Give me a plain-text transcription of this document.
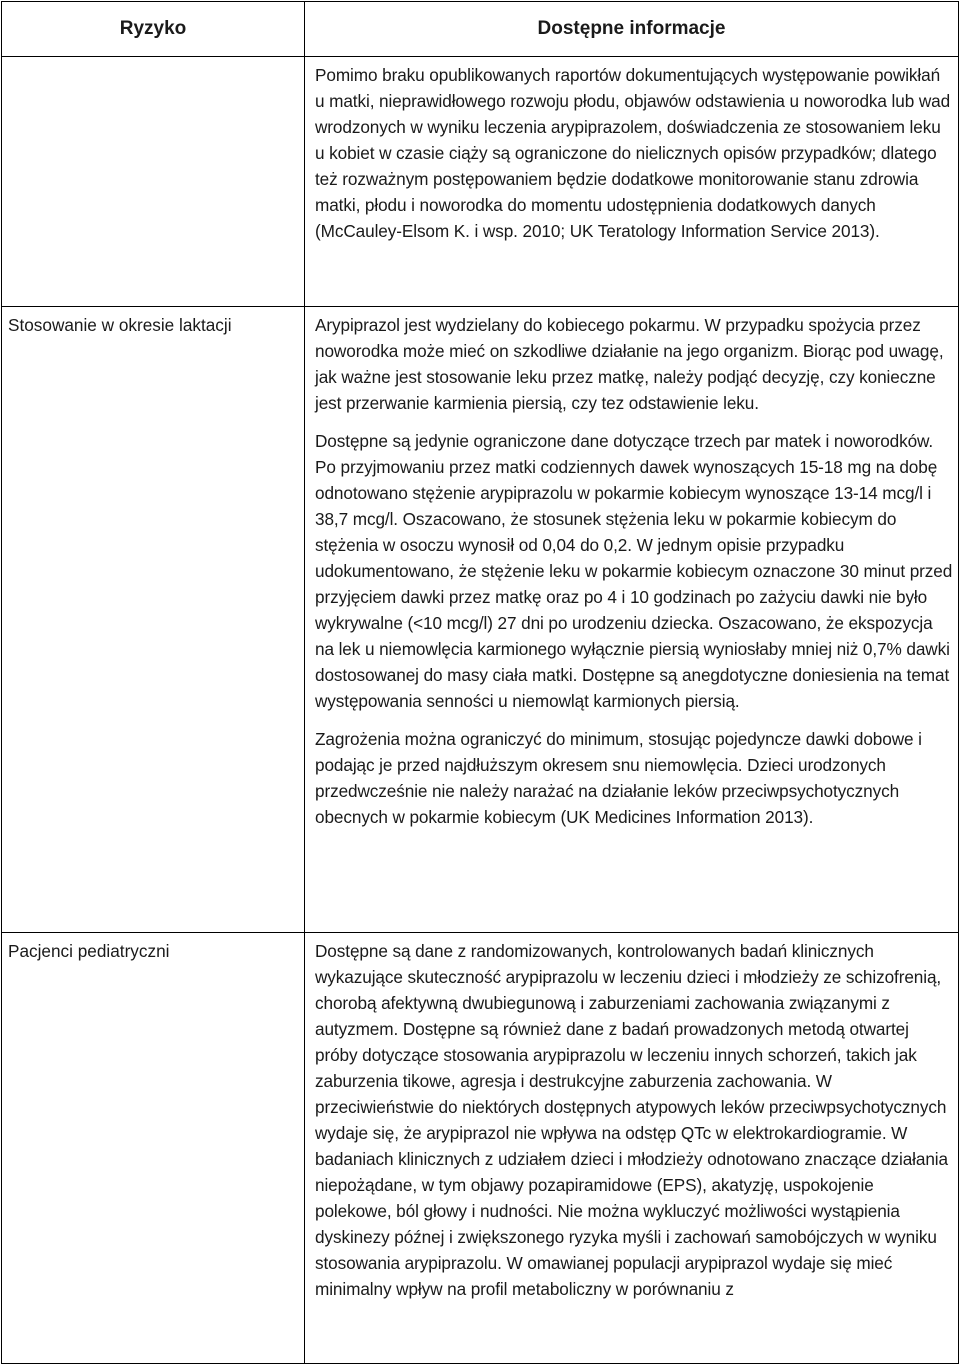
Ryzyko	Dostępne informacje

	Pomimo braku opublikowanych raportów dokumentujących występowanie powikłań u matki, nieprawidłowego rozwoju płodu, objawów odstawienia u noworodka lub wad wrodzonych w wyniku leczenia arypiprazolem, doświadczenia ze stosowaniem leku u kobiet w czasie ciąży są ograniczone do nielicznych opisów przypadków; dlatego też rozważnym postępowaniem będzie dodatkowe monitorowanie stanu zdrowia matki, płodu i noworodka do momentu udostępnienia dodatkowych danych (McCauley-Elsom K. i wsp. 2010; UK Teratology Information Service 2013).

Stosowanie w okresie laktacji	Arypiprazol jest wydzielany do kobiecego pokarmu. W przypadku spożycia przez noworodka może mieć on szkodliwe działanie na jego organizm. Biorąc pod uwagę, jak ważne jest stosowanie leku przez matkę, należy podjąć decyzję, czy konieczne jest przerwanie karmienia piersią, czy tez odstawienie leku.

Dostępne są jedynie ograniczone dane dotyczące trzech par matek i noworodków. Po przyjmowaniu przez matki codziennych dawek wynoszących 15-18 mg na dobę odnotowano stężenie arypiprazolu w pokarmie kobiecym wynoszące 13-14 mcg/l i 38,7 mcg/l. Oszacowano, że stosunek stężenia leku w pokarmie kobiecym do stężenia w osoczu wynosił od 0,04 do 0,2. W jednym opisie przypadku udokumentowano, że stężenie leku w pokarmie kobiecym oznaczone 30 minut przed przyjęciem dawki przez matkę oraz po 4 i 10 godzinach po zażyciu dawki nie było wykrywalne (<10 mcg/l) 27 dni po urodzeniu dziecka. Oszacowano, że ekspozycja na lek u niemowlęcia karmionego wyłącznie piersią wyniosłaby mniej niż 0,7% dawki dostosowanej do masy ciała matki. Dostępne są anegdotyczne doniesienia na temat występowania senności u niemowląt karmionych piersią.

Zagrożenia można ograniczyć do minimum, stosując pojedyncze dawki dobowe i podając je przed najdłuższym okresem snu niemowlęcia. Dzieci urodzonych przedwcześnie nie należy narażać na działanie leków przeciwpsychotycznych obecnych w pokarmie kobiecym (UK Medicines Information 2013).

Pacjenci pediatryczni	Dostępne są dane z randomizowanych, kontrolowanych badań klinicznych wykazujące skuteczność arypiprazolu w leczeniu dzieci i młodzieży ze schizofrenią, chorobą afektywną dwubiegunową i zaburzeniami zachowania związanymi z autyzmem. Dostępne są również dane z badań prowadzonych metodą otwartej próby dotyczące stosowania arypiprazolu w leczeniu innych schorzeń, takich jak zaburzenia tikowe, agresja i destrukcyjne zaburzenia zachowania. W przeciwieństwie do niektórych dostępnych atypowych leków przeciwpsychotycznych wydaje się, że arypiprazol nie wpływa na odstęp QTc w elektrokardiogramie. W badaniach klinicznych z udziałem dzieci i młodzieży odnotowano znaczące działania niepożądane, w tym objawy pozapiramidowe (EPS), akatyzję, uspokojenie polekowe, ból głowy i nudności. Nie można wykluczyć możliwości wystąpienia dyskinezy późnej i zwiększonego ryzyka myśli i zachowań samobójczych w wyniku stosowania arypiprazolu. W omawianej populacji arypiprazol wydaje się mieć minimalny wpływ na profil metaboliczny w porównaniu z
